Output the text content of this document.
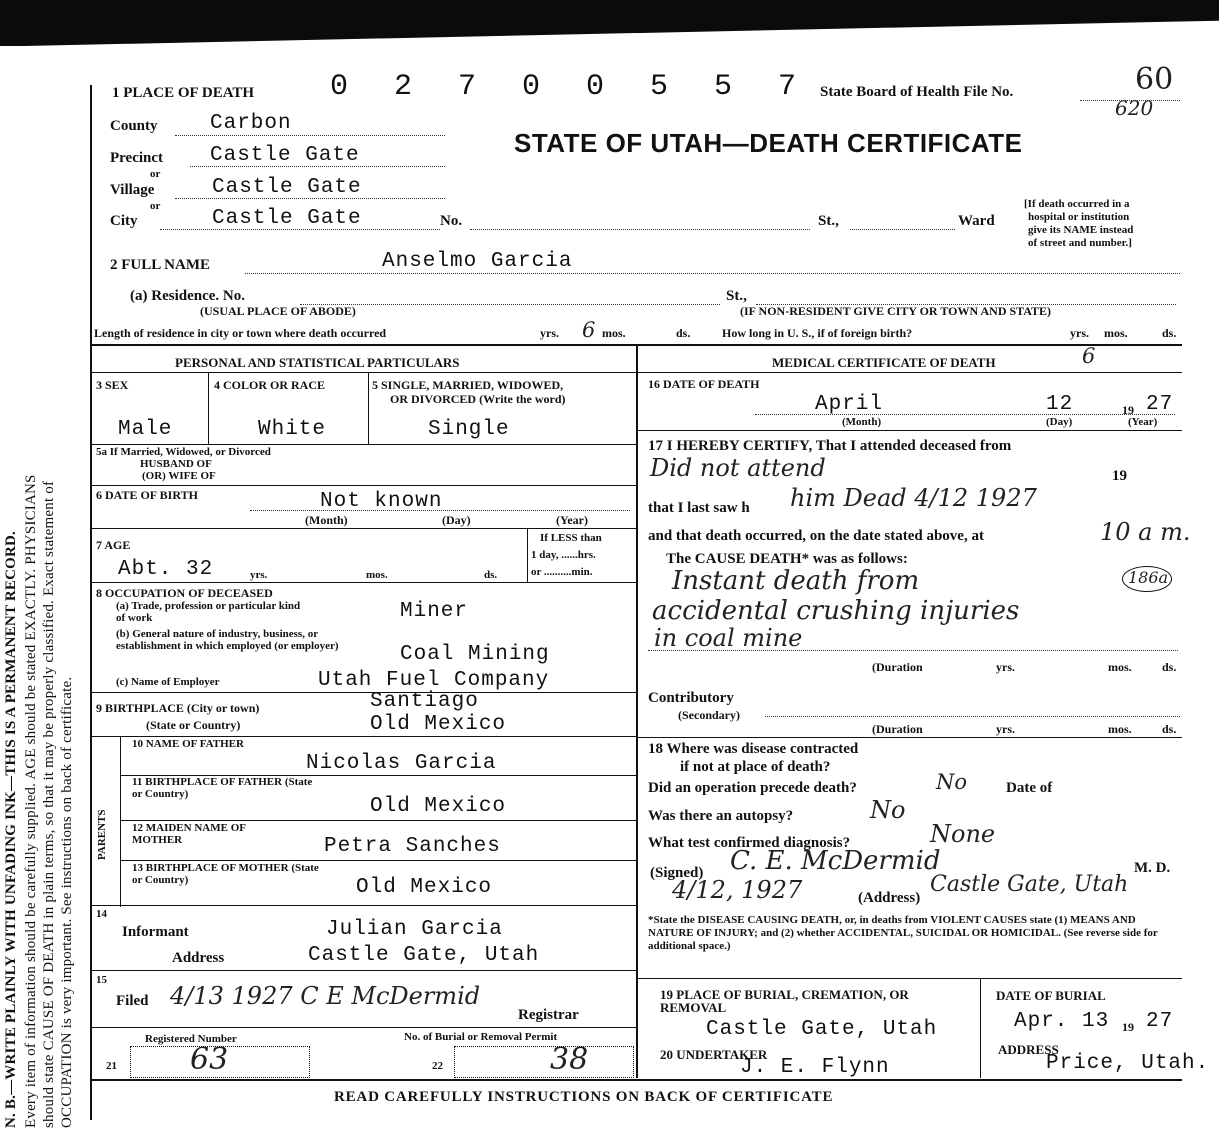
N. B.—WRITE PLAINLY WITH UNFADING INK—THIS IS A PERMANENT RECORD. Every item of information should be carefully supplied. AGE should be stated EXACTLY. PHYSICIANS should state CAUSE OF DEATH in plain terms, so that it may be properly classified. Exact statement of OCCUPATION is very important. See instructions on back of certificate.
1 PLACE OF DEATH	0 2 7 0 0 5 5 7 State Board of Health File No.	60
620
STATE OF UTAH—DEATH CERTIFICATE
County Carbon
Precinct Castle Gate
or
Village	Castle Gate
or
City	Castle Gate	No.	St.,	Ward
[If death occurred in a
hospital or institution
give its NAME instead
of street and number.]
2 FULL NAME	Anselmo Garcia
(a) Residence. No.	St.,
(USUAL PLACE OF ABODE)	(IF NON-RESIDENT GIVE CITY OR TOWN AND STATE)
Length of residence in city or town where death occurred	yrs. 6 mos.	ds.	How long in U. S., if of foreign birth?	yrs. mos.	ds.
PERSONAL AND STATISTICAL PARTICULARS
3 SEX
Male
4 COLOR OR RACE
White
5 SINGLE, MARRIED, WIDOWED,
OR DIVORCED (Write the word)
Single
5a If Married, Widowed, or Divorced
HUSBAND OF
(OR) WIFE OF
6 DATE OF BIRTH	Not known
(Month)	(Day)	(Year)
7 AGE
Abt. 32	yrs.	mos.	ds.
If LESS than
1 day, ......hrs.
or ..........min.
8 OCCUPATION OF DECEASED
(a) Trade, profession or particular kind of work	Miner
(b) General nature of industry, business, or establishment in which employed (or employer)	Coal Mining
(c) Name of Employer	Utah Fuel Company
9 BIRTHPLACE (City or town)	Santiago
(State or Country)	Old Mexico
PARENTS
10 NAME OF FATHER
Nicolas Garcia
11 BIRTHPLACE OF FATHER (State or Country)
Old Mexico
12 MAIDEN NAME OF MOTHER	Petra Sanches
13 BIRTHPLACE OF MOTHER (State or Country)	Old Mexico
14
Informant	Julian Garcia
Address	Castle Gate, Utah
15
Filed 4/13 1927 C E McDermid
Registrar
Registered Number
21 63
No. of Burial or Removal Permit
22	38
MEDICAL CERTIFICATE OF DEATH	6
16 DATE OF DEATH
April	12	19 27
(Month)	(Day)	(Year)
17 I HEREBY CERTIFY, That I attended deceased from
Did not attend	19
that I last saw h him Dead 4/12 1927
and that death occurred, on the date stated above, at	10 a m.
The CAUSE DEATH* was as follows:
Instant death from	186a
accidental crushing injuries
in coal mine
(Duration	yrs.	mos.	ds.
Contributory
(Secondary)
(Duration	yrs.	mos.	ds.
18 Where was disease contracted
if not at place of death?
Did an operation precede death?	No	Date of
Was there an autopsy?	No
What test confirmed diagnosis?	None
(Signed) C. E. McDermid	M. D.
4/12, 1927	(Address)
Castle Gate, Utah
*State the DISEASE CAUSING DEATH, or, in deaths from VIOLENT CAUSES state (1) MEANS AND NATURE OF INJURY; and (2) whether ACCIDENTAL, SUICIDAL OR HOMICIDAL. (See reverse side for additional space.)
19 PLACE OF BURIAL, CREMATION, OR REMOVAL
Castle Gate, Utah
DATE OF BURIAL
Apr. 13 19 27
20 UNDERTAKER
J. E. Flynn
ADDRESS
Price, Utah.
READ CAREFULLY INSTRUCTIONS ON BACK OF CERTIFICATE
